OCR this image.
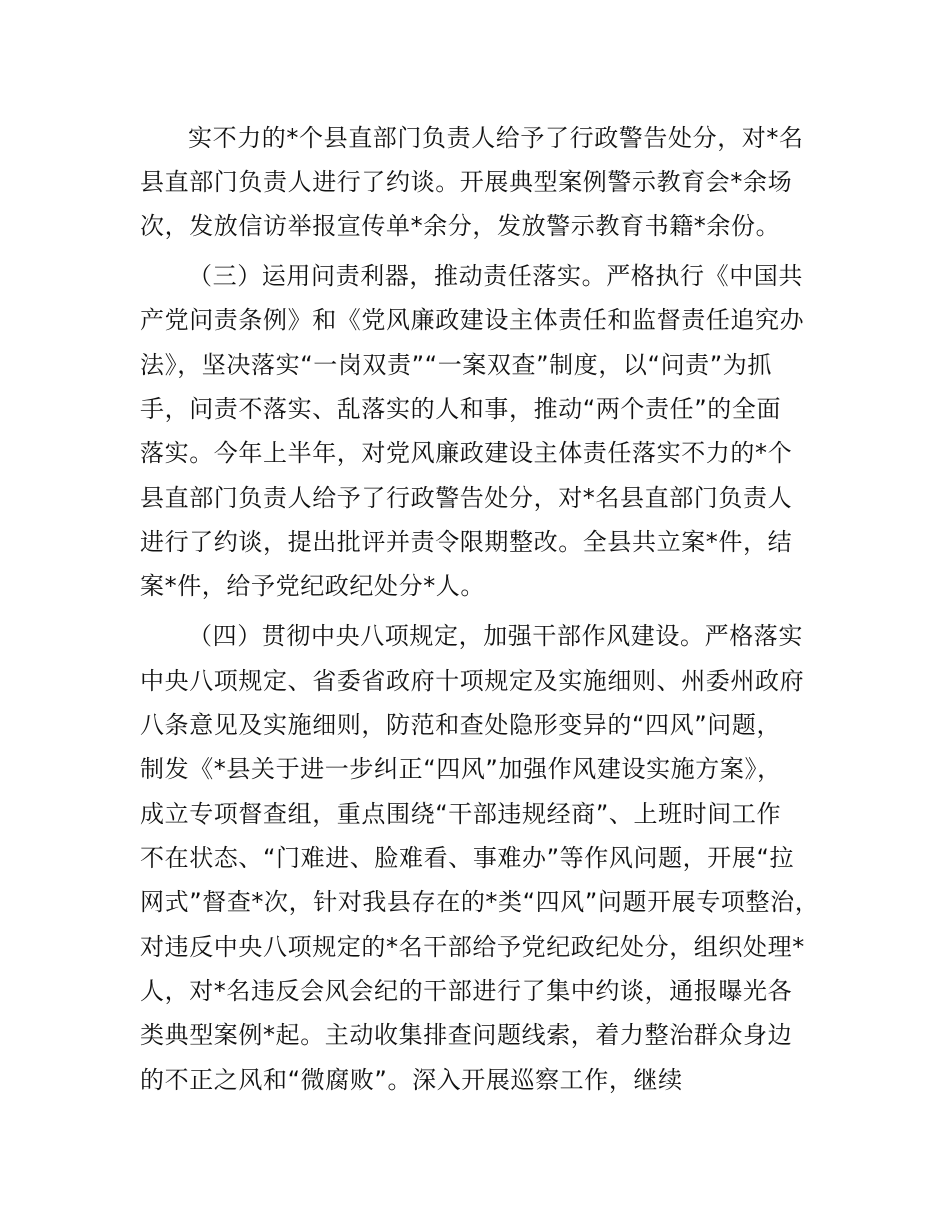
实不力的*个县直部门负责人给予了行政警告处分，对*名
县直部门负责人进行了约谈。开展典型案例警示教育会*余场
次，发放信访举报宣传单*余分，发放警示教育书籍*余份。
（三）运用问责利器，推动责任落实。严格执行《中国共
产党问责条例》和《党风廉政建设主体责任和监督责任追究办
法》，坚决落实“一岗双责”“一案双查”制度，以“问责”为抓
手，问责不落实、乱落实的人和事，推动“两个责任”的全面
落实。今年上半年，对党风廉政建设主体责任落实不力的*个
县直部门负责人给予了行政警告处分，对*名县直部门负责人
进行了约谈，提出批评并责令限期整改。全县共立案*件，结
案*件，给予党纪政纪处分*人。
（四）贯彻中央八项规定，加强干部作风建设。严格落实
中央八项规定、省委省政府十项规定及实施细则、州委州政府
八条意见及实施细则，防范和查处隐形变异的“四风”问题，
制发《*县关于进一步纠正“四风”加强作风建设实施方案》，
成立专项督查组，重点围绕“干部违规经商”、上班时间工作
不在状态、“门难进、脸难看、事难办”等作风问题，开展“拉
网式”督查*次，针对我县存在的*类“四风”问题开展专项整治，
对违反中央八项规定的*名干部给予党纪政纪处分，组织处理*
人，对*名违反会风会纪的干部进行了集中约谈，通报曝光各
类典型案例*起。主动收集排查问题线索，着力整治群众身边
的不正之风和“微腐败”。深入开展巡察工作，继续
